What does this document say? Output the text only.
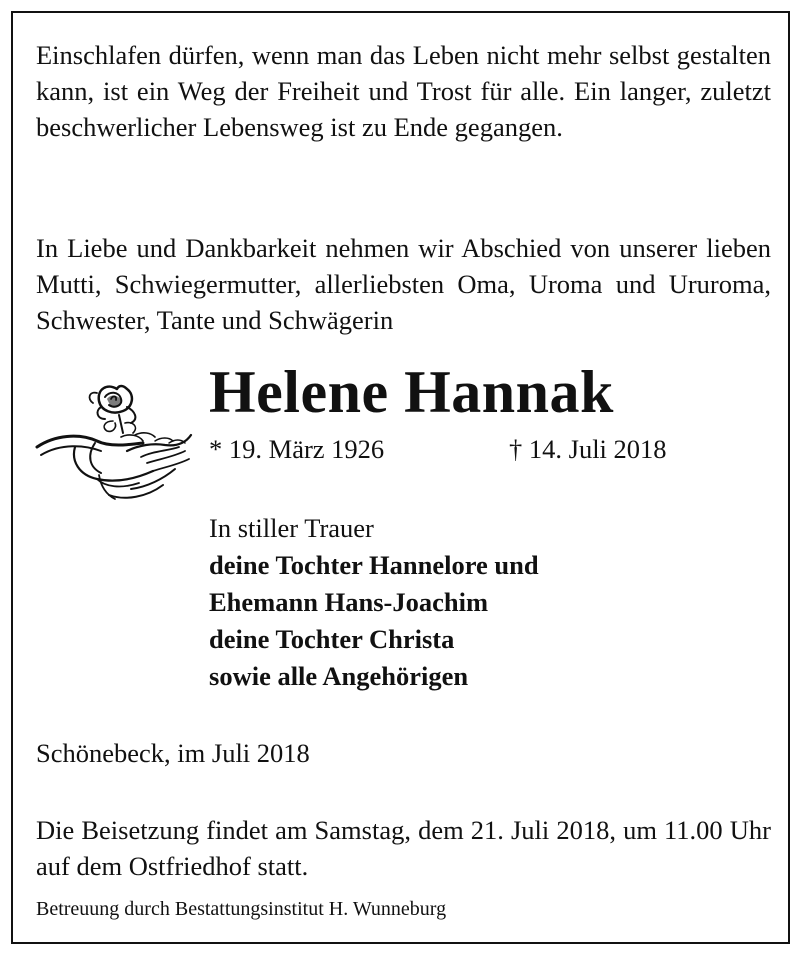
Einschlafen dürfen, wenn man das Leben nicht mehr selbst gestalten kann, ist ein Weg der Freiheit und Trost für alle. Ein langer, zuletzt beschwerlicher Lebensweg ist zu Ende gegangen.
In Liebe und Dankbarkeit nehmen wir Abschied von unserer lieben Mutti, Schwiegermutter, allerliebsten Oma, Uroma und Ururoma, Schwester, Tante und Schwägerin
Helene Hannak
* 19. März 1926	† 14. Juli 2018
In stiller Trauer
deine Tochter Hannelore und
Ehemann Hans-Joachim
deine Tochter Christa
sowie alle Angehörigen
Schönebeck, im Juli 2018
Die Beisetzung findet am Samstag, dem 21. Juli 2018, um 11.00 Uhr auf dem Ostfriedhof statt.
Betreuung durch Bestattungsinstitut H. Wunneburg
